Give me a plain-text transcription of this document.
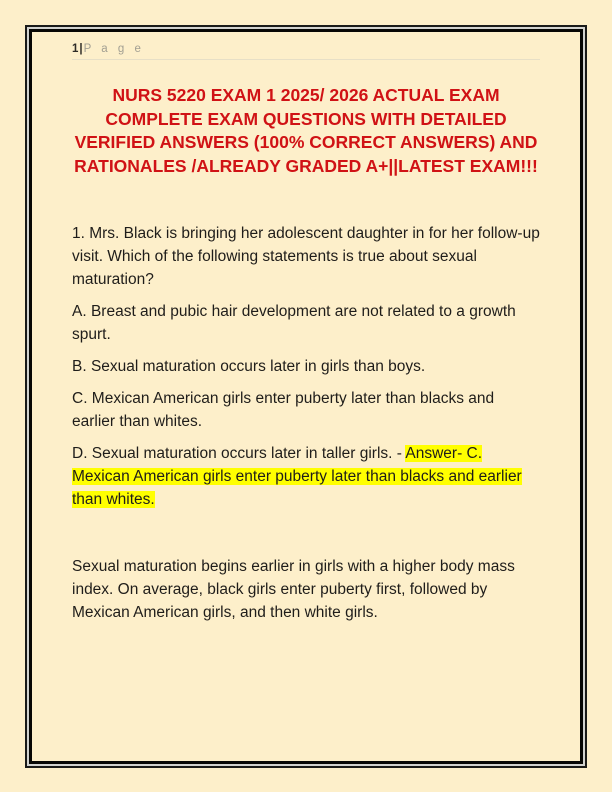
1|P a g e
NURS 5220 EXAM 1 2025/ 2026 ACTUAL EXAM COMPLETE EXAM QUESTIONS WITH DETAILED VERIFIED ANSWERS (100% CORRECT ANSWERS) AND RATIONALES /ALREADY GRADED A+||LATEST EXAM!!!

1. Mrs. Black is bringing her adolescent daughter in for her follow-up visit. Which of the following statements is true about sexual maturation?

A. Breast and pubic hair development are not related to a growth spurt.

B. Sexual maturation occurs later in girls than boys.

C. Mexican American girls enter puberty later than blacks and earlier than whites.

D. Sexual maturation occurs later in taller girls. - Answer- C. Mexican American girls enter puberty later than blacks and earlier than whites.

Sexual maturation begins earlier in girls with a higher body mass index. On average, black girls enter puberty first, followed by Mexican American girls, and then white girls.
